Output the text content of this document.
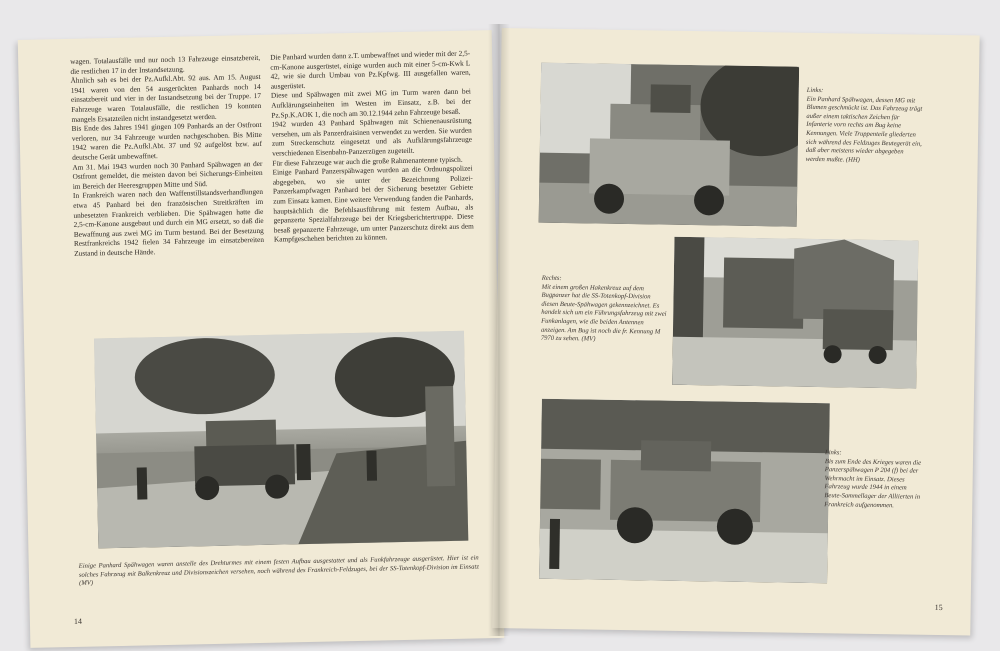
wagen. Totalausfälle und nur noch 13 Fahrzeuge einsatzbereit, die restlichen 17 in der Instandsetzung.
Ähnlich sah es bei der Pz.Aufkl.Abt. 92 aus. Am 15. August 1941 waren von den 54 ausgerückten Panhards noch 14 einsatzbereit und vier in der Instandsetzung bei der Truppe. 17 Fahrzeuge waren Totalausfälle, die restlichen 19 konnten mangels Ersatzteilen nicht instandgesetzt werden.
Bis Ende des Jahres 1941 gingen 109 Panhards an der Ostfront verloren, nur 34 Fahrzeuge wurden nachgeschoben. Bis Mitte 1942 waren die Pz.Aufkl.Abt. 37 und 92 aufgelöst bzw. auf deutsche Gerät umbewaffnet.
Am 31. Mai 1943 wurden noch 30 Panhard Spähwagen an der Ostfront gemeldet, die meisten davon bei Sicherungs-Einheiten im Bereich der Heeresgruppen Mitte und Süd.
In Frankreich waren nach den Waffenstillstandsverhandlungen etwa 45 Panhard bei den französischen Streitkräften im unbesetzten Frankreich verblieben. Die Spähwagen hatte die 2,5-cm-Kanone ausgebaut und durch ein MG ersetzt, so daß die Bewaffnung aus zwei MG im Turm bestand. Bei der Besetzung Restfrankreichs 1942 fielen 34 Fahrzeuge im einsatzbereiten Zustand in deutsche Hände.
Die Panhard wurden dann z.T. umbewaffnet und wieder mit der 2,5-cm-Kanone ausgerüstet, einige wurden auch mit einer 5-cm-Kwk L 42, wie sie durch Umbau von Pz.Kpfwg. III ausgefallen waren, ausgerüstet.
Diese und Spähwagen mit zwei MG im Turm waren dann bei Aufklärungseinheiten im Westen im Einsatz, z.B. bei der Pz.Sp.K.AOK 1, die noch am 30.12.1944 zehn Fahrzeuge besaß.
1942 wurden 43 Panhard Spähwagen mit Schienenausrüstung versehen, um als Panzerdraisinen verwendet zu werden. Sie wurden zum Streckenschutz eingesetzt und als Aufklärungsfahrzeuge verschiedenen Eisenbahn-Panzerzügen zugeteilt.
Für diese Fahrzeuge war auch die große Rahmenantenne typisch.
Einige Panhard Panzerspähwagen wurden an die Ordnungspolizei abgegeben, wo sie unter der Bezeichnung Polizei-Panzerkampfwagen Panhard bei der Sicherung besetzter Gebiete zum Einsatz kamen. Eine weitere Verwendung fanden die Panhards, hauptsächlich die Befehlsausführung mit festem Aufbau, als gepanzerte Spezialfahrzeuge bei der Kriegsberichtertruppe. Diese besaß gepanzerte Fahrzeuge, um unter Panzerschutz direkt aus dem Kampfgeschehen berichten zu können.
Einige Panhard Spähwagen waren anstelle des Drehturmes mit einem festen Aufbau ausgestattet und als Funkfahrzeuge ausgerüstet. Hier ist ein solches Fahrzeug mit Balkenkreuz und Divisionszeichen versehen, noch während des Frankreich-Feldzuges, bei der SS-Totenkopf-Division im Einsatz (MV)
14
Links:
Ein Panhard Spähwagen, dessen MG mit Blumen geschmückt ist. Das Fahrzeug trägt außer einem taktischen Zeichen für Infanterie vorn rechts am Bug keine Kennungen. Viele Truppenteile gliederten sich während des Feldzuges Beutegerät ein, daß aber meistens wieder abgegeben werden mußte. (HH)
Rechts:
Mit einem großen Hakenkreuz auf dem Bugpanzer hat die SS-Totenkopf-Division diesen Beute-Spähwagen gekennzeichnet. Es handelt sich um ein Führungsfahrzeug mit zwei Funkanlagen, wie die beiden Antennen anzeigen. Am Bug ist noch die fr. Kennung M 7970 zu sehen. (MV)
Links:
Bis zum Ende des Krieges waren die Panzerspähwagen P 204 (f) bei der Wehrmacht im Einsatz. Dieses Fahrzeug wurde 1944 in einem Beute-Sammellager der Alliierten in Frankreich aufgenommen.
15
